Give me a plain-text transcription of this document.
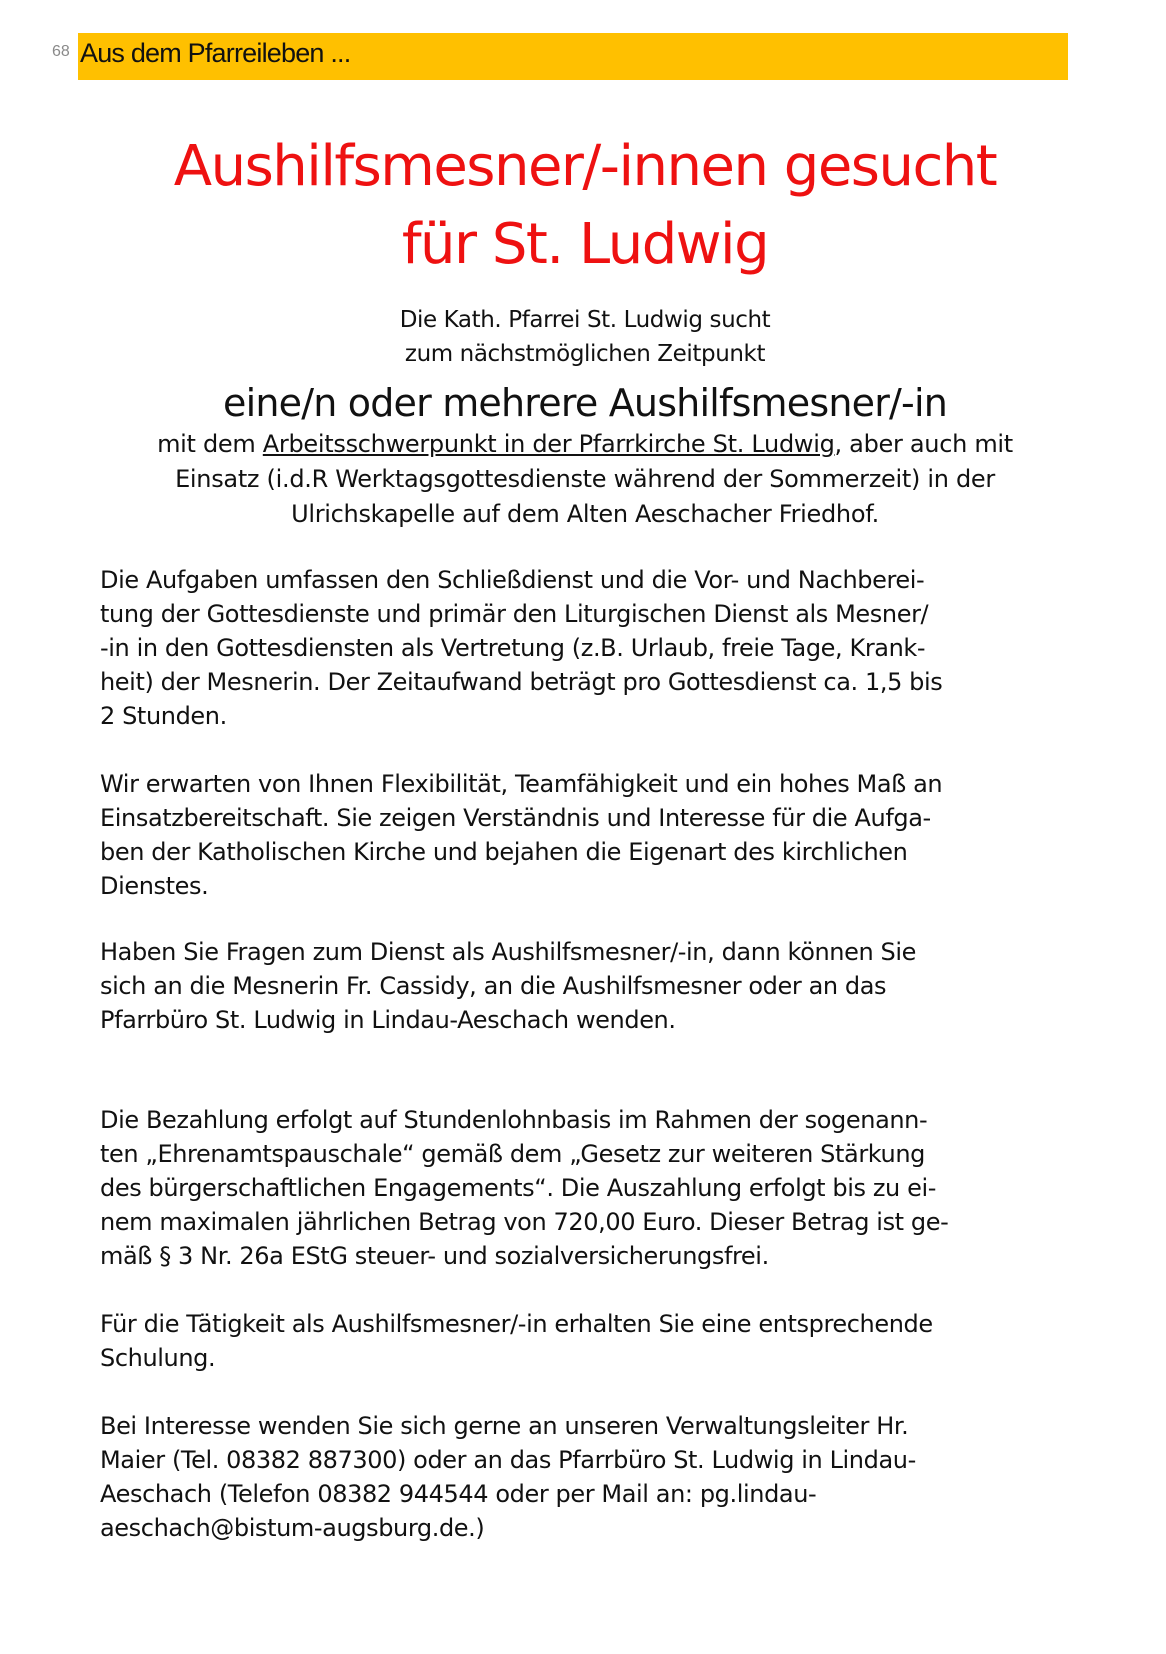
68 Aus dem Pfarreileben ...
Aushilfsmesner/-innen gesucht
für St. Ludwig
Die Kath. Pfarrei St. Ludwig sucht
zum nächstmöglichen Zeitpunkt
eine/n oder mehrere Aushilfsmesner/-in
mit dem Arbeitsschwerpunkt in der Pfarrkirche St. Ludwig, aber auch mit
Einsatz (i.d.R Werktagsgottesdienste während der Sommerzeit) in der
Ulrichskapelle auf dem Alten Aeschacher Friedhof.
Die Aufgaben umfassen den Schließdienst und die Vor- und Nachberei-
tung der Gottesdienste und primär den Liturgischen Dienst als Mesner/
-in in den Gottesdiensten als Vertretung (z.B. Urlaub, freie Tage, Krank-
heit) der Mesnerin. Der Zeitaufwand beträgt pro Gottesdienst ca. 1,5 bis
2 Stunden.
Wir erwarten von Ihnen Flexibilität, Teamfähigkeit und ein hohes Maß an
Einsatzbereitschaft. Sie zeigen Verständnis und Interesse für die Aufga-
ben der Katholischen Kirche und bejahen die Eigenart des kirchlichen
Dienstes.
Haben Sie Fragen zum Dienst als Aushilfsmesner/-in, dann können Sie
sich an die Mesnerin Fr. Cassidy, an die Aushilfsmesner oder an das
Pfarrbüro St. Ludwig in Lindau-Aeschach wenden.
Die Bezahlung erfolgt auf Stundenlohnbasis im Rahmen der sogenann-
ten „Ehrenamtspauschale“ gemäß dem „Gesetz zur weiteren Stärkung
des bürgerschaftlichen Engagements“. Die Auszahlung erfolgt bis zu ei-
nem maximalen jährlichen Betrag von 720,00 Euro. Dieser Betrag ist ge-
mäß § 3 Nr. 26a EStG steuer- und sozialversicherungsfrei.
Für die Tätigkeit als Aushilfsmesner/-in erhalten Sie eine entsprechende
Schulung.
Bei Interesse wenden Sie sich gerne an unseren Verwaltungsleiter Hr.
Maier (Tel. 08382 887300) oder an das Pfarrbüro St. Ludwig in Lindau-
Aeschach (Telefon 08382 944544 oder per Mail an: pg.lindau-
aeschach@bistum-augsburg.de.)
